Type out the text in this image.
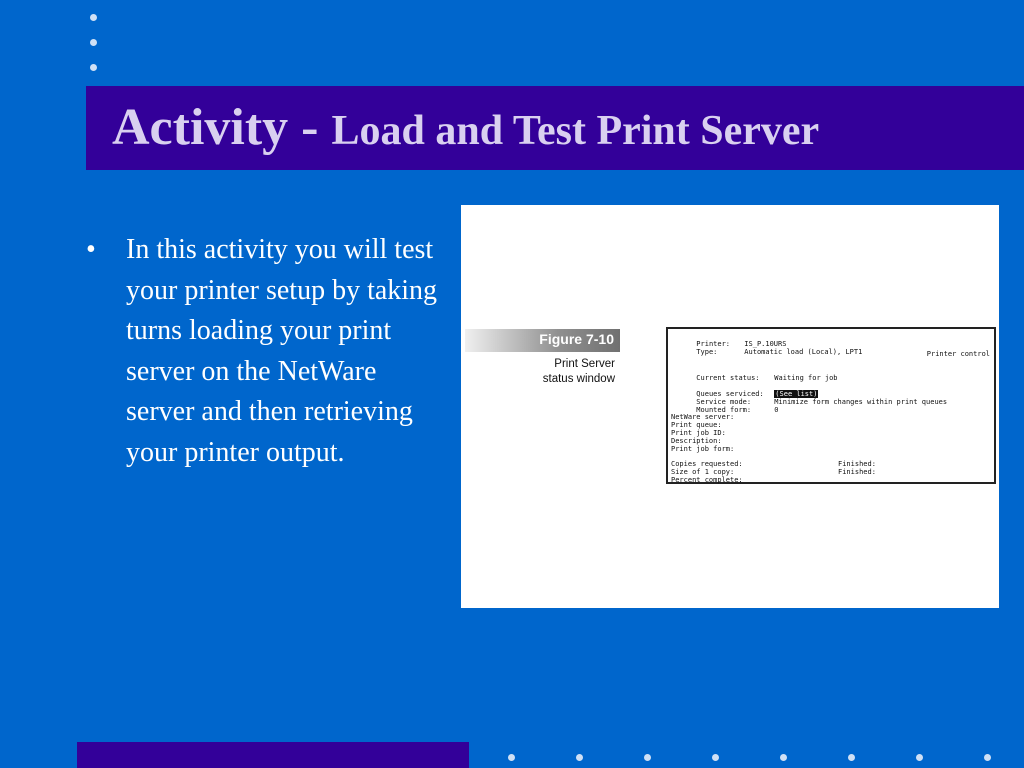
Activity - Load and Test Print Server
• In this activity you will test your printer setup by taking turns loading your print server on the NetWare server and then retrieving your printer output.
Figure 7-10
Print Server
status window

Printer: IS_P.10URS

Type:	Automatic load (Local), LPT1
	Printer control

Current status: Waiting for job

Queues serviced: (See list)

Service mode:	Minimize form changes within print queues

Mounted form:	0

NetWare server:
Print queue:
Print job ID:
Description:
Print job form:
Copies requested:	Finished:
Size of 1 copy:	Finished:
Percent complete:
